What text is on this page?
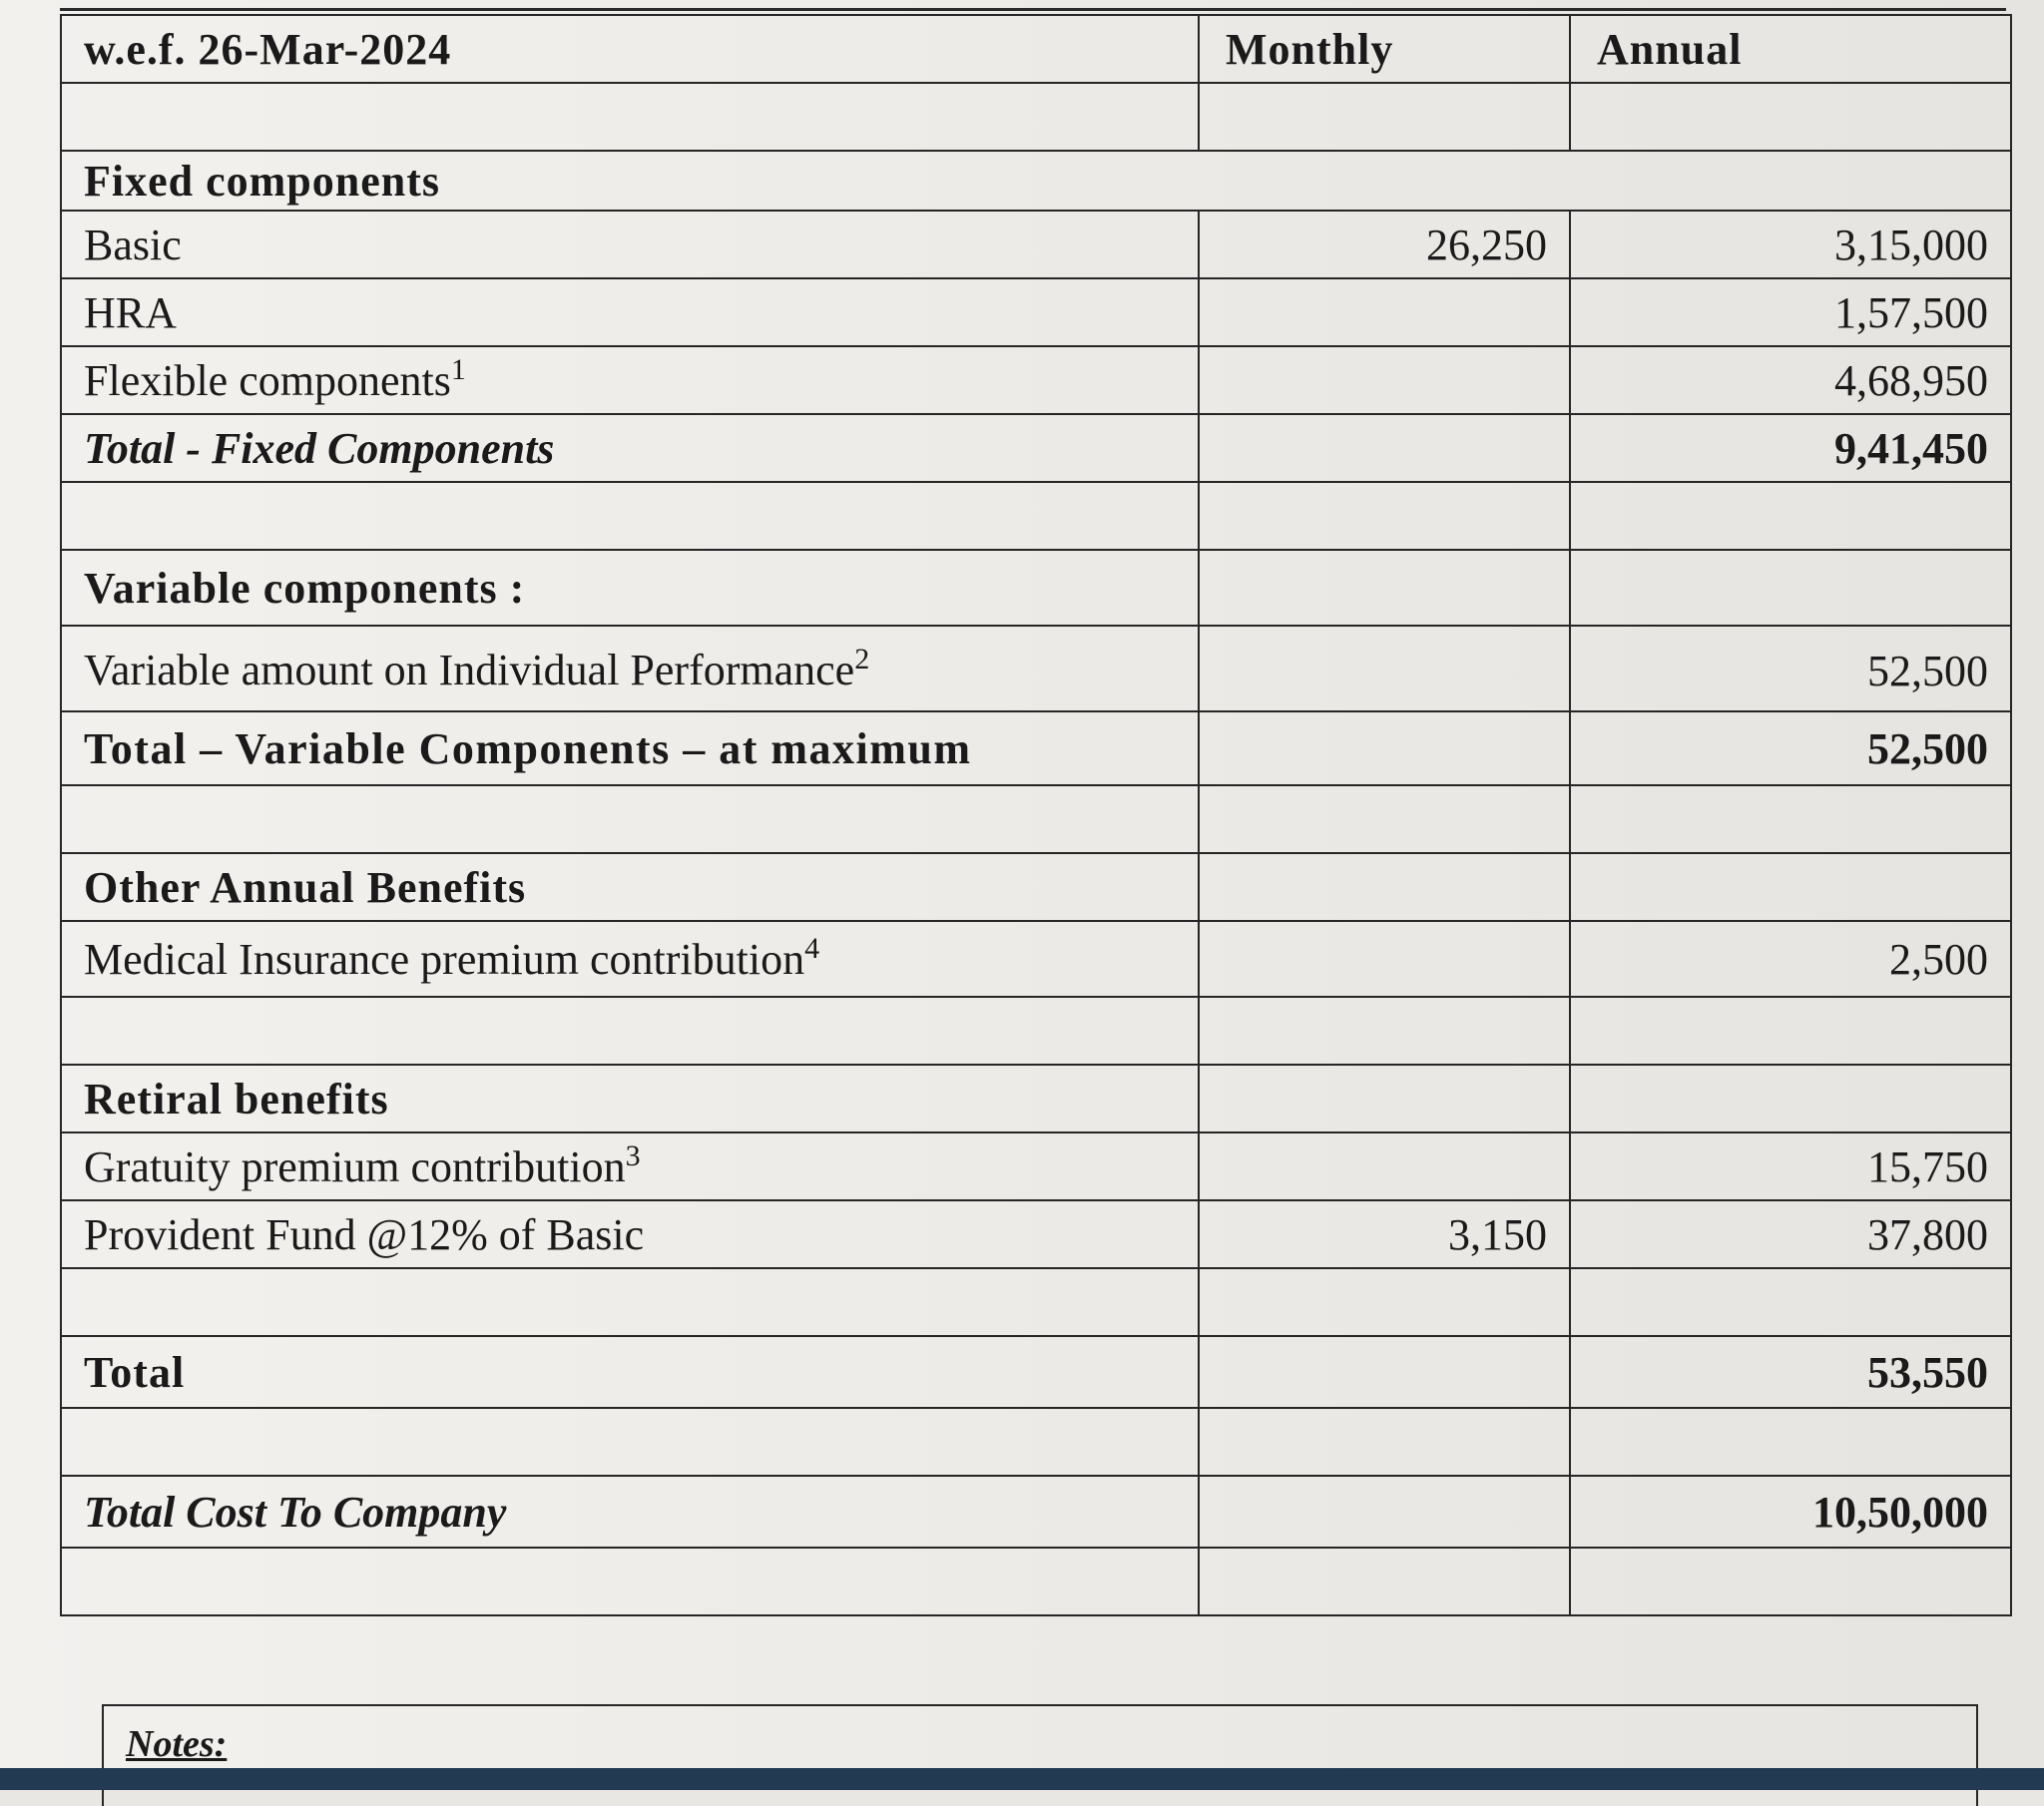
w.e.f. 26-Mar-2024	Monthly	Annual

Fixed components		
Basic	26,250	3,15,000
HRA		1,57,500
Flexible components$^1$		4,68,950
Total - Fixed Components		9,41,450

Variable components :		
Variable amount on Individual Performance$^2$		52,500
Total – Variable Components – at maximum		52,500

Other Annual Benefits		
Medical Insurance premium contribution$^4$		2,500

Retiral benefits		
Gratuity premium contribution$^3$		15,750
Provident Fund @12% of Basic	3,150	37,800

Total		53,550

Total Cost To Company		10,50,000

Notes:
